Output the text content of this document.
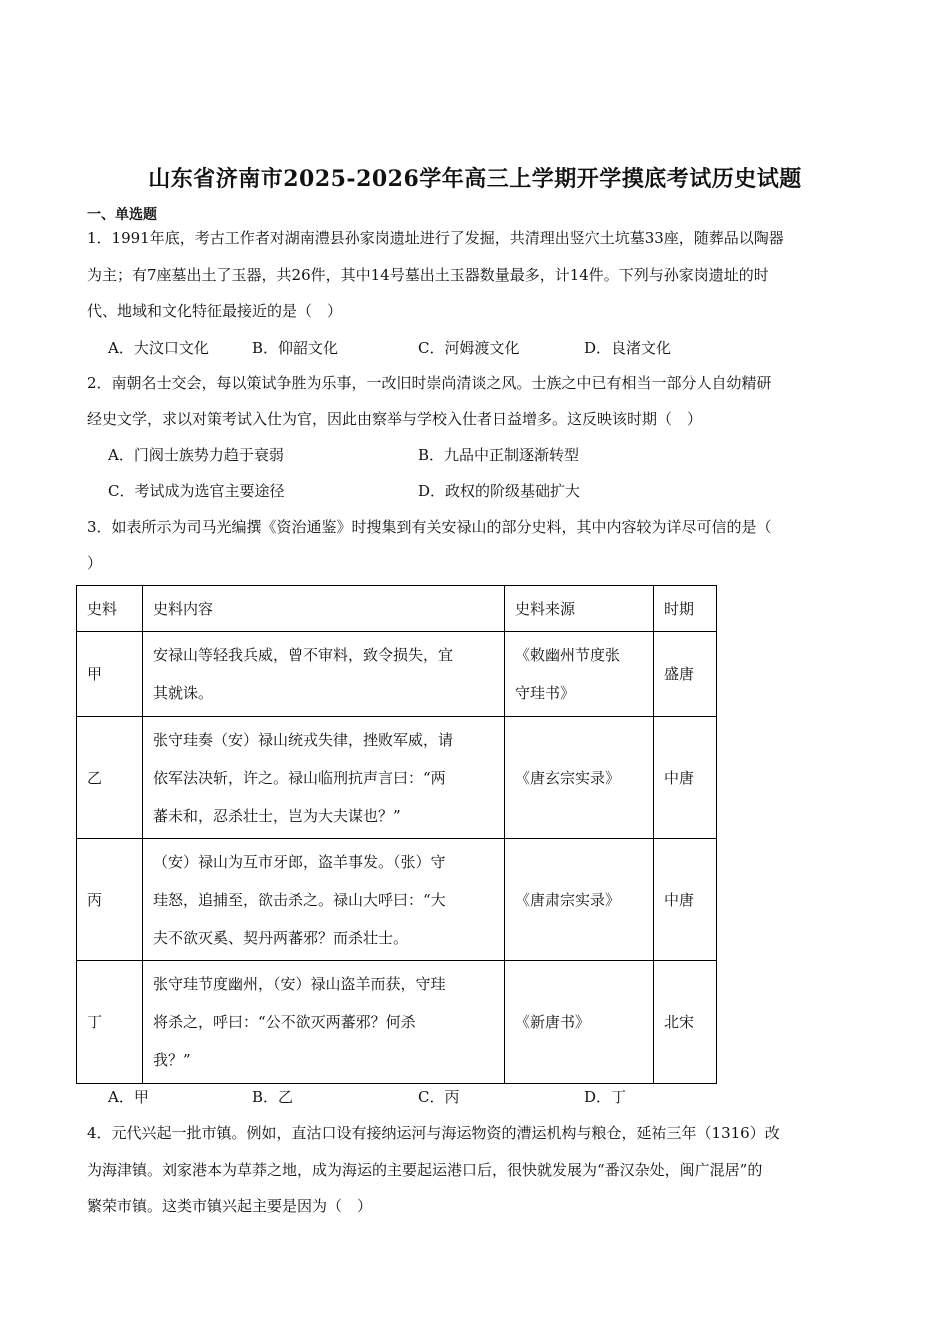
山东省济南市2025-2026学年高三上学期开学摸底考试历史试题
一、单选题
1．1991年底，考古工作者对湖南澧县孙家岗遗址进行了发掘，共清理出竖穴土坑墓33座，随葬品以陶器
为主；有7座墓出土了玉器，共26件，其中14号墓出土玉器数量最多，计14件。下列与孙家岗遗址的时
代、地域和文化特征最接近的是（　）
A．大汶口文化	B．仰韶文化	C．河姆渡文化	D．良渚文化
2．南朝名士交会，每以策试争胜为乐事，一改旧时崇尚清谈之风。士族之中已有相当一部分人自幼精研
经史文学，求以对策考试入仕为官，因此由察举与学校入仕者日益增多。这反映该时期（　）
A．门阀士族势力趋于衰弱	B．九品中正制逐渐转型
C．考试成为选官主要途径	D．政权的阶级基础扩大
3．如表所示为司马光编撰《资治通鉴》时搜集到有关安禄山的部分史料，其中内容较为详尽可信的是（
）
史料	史料内容	史料来源	时期
甲	安禄山等轻我兵威，曾不审料，致令损失，宜
其就诛。	《敕幽州节度张
守珪书》	盛唐
乙	张守珪奏（安）禄山统戎失律，挫败军威，请
依军法决斩，许之。禄山临刑抗声言曰：“两
蕃未和，忍杀壮士，岂为大夫谋也？”	《唐玄宗实录》	中唐
丙	（安）禄山为互市牙郎，盗羊事发。（张）守
珪怒，追捕至，欲击杀之。禄山大呼曰：“大
夫不欲灭奚、契丹两蕃邪？而杀壮士。	《唐肃宗实录》	中唐
丁	张守珪节度幽州，（安）禄山盗羊而获，守珪
将杀之，呼曰：“公不欲灭两蕃邪？何杀
我？”	《新唐书》	北宋
A．甲	B．乙	C．丙	D．丁
4．元代兴起一批市镇。例如，直沽口设有接纳运河与海运物资的漕运机构与粮仓，延祐三年（1316）改
为海津镇。刘家港本为草莽之地，成为海运的主要起运港口后，很快就发展为“番汉杂处，闽广混居”的
繁荣市镇。这类市镇兴起主要是因为（　）
